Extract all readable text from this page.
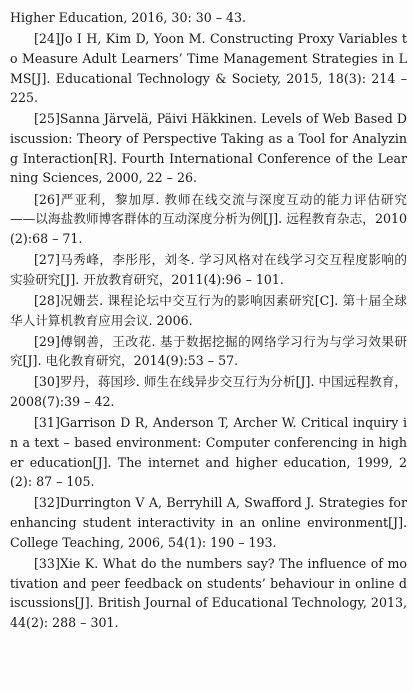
Higher Education, 2016, 30: 30 – 43.

[24]Jo I H, Kim D, Yoon M. Constructing Proxy Variables to Measure Adult Learners’ Time Management Strategies in LMS[J]. Educational Technology & Society, 2015, 18(3): 214 – 225.

[25]Sanna Järvelä, Päivi Häkkinen. Levels of Web Based Discussion: Theory of Perspective Taking as a Tool for Analyzing Interaction[R]. Fourth International Conference of the Learning Sciences, 2000, 22 – 26.

[26]严亚利，黎加厚. 教师在线交流与深度互动的能力评估研究——以海盐教师博客群体的互动深度分析为例[J]. 远程教育杂志，2010(2):68 – 71.

[27]马秀峰，李彤彤，刘冬. 学习风格对在线学习交互程度影响的实验研究[J]. 开放教育研究，2011(4):96 – 101.

[28]况姗芸. 课程论坛中交互行为的影响因素研究[C]. 第十届全球华人计算机教育应用会议. 2006.

[29]傅钢善，王改花. 基于数据挖掘的网络学习行为与学习效果研究[J]. 电化教育研究，2014(9):53 – 57.

[30]罗丹，蒋国珍. 师生在线异步交互行为分析[J]. 中国远程教育，2008(7):39 – 42.

[31]Garrison D R, Anderson T, Archer W. Critical inquiry in a text – based environment: Computer conferencing in higher education[J]. The internet and higher education, 1999, 2(2): 87 – 105.

[32]Durrington V A, Berryhill A, Swafford J. Strategies for enhancing student interactivity in an online environment[J]. College Teaching, 2006, 54(1): 190 – 193.

[33]Xie K. What do the numbers say? The influence of motivation and peer feedback on students’ behaviour in online discussions[J]. British Journal of Educational Technology, 2013, 44(2): 288 – 301.
